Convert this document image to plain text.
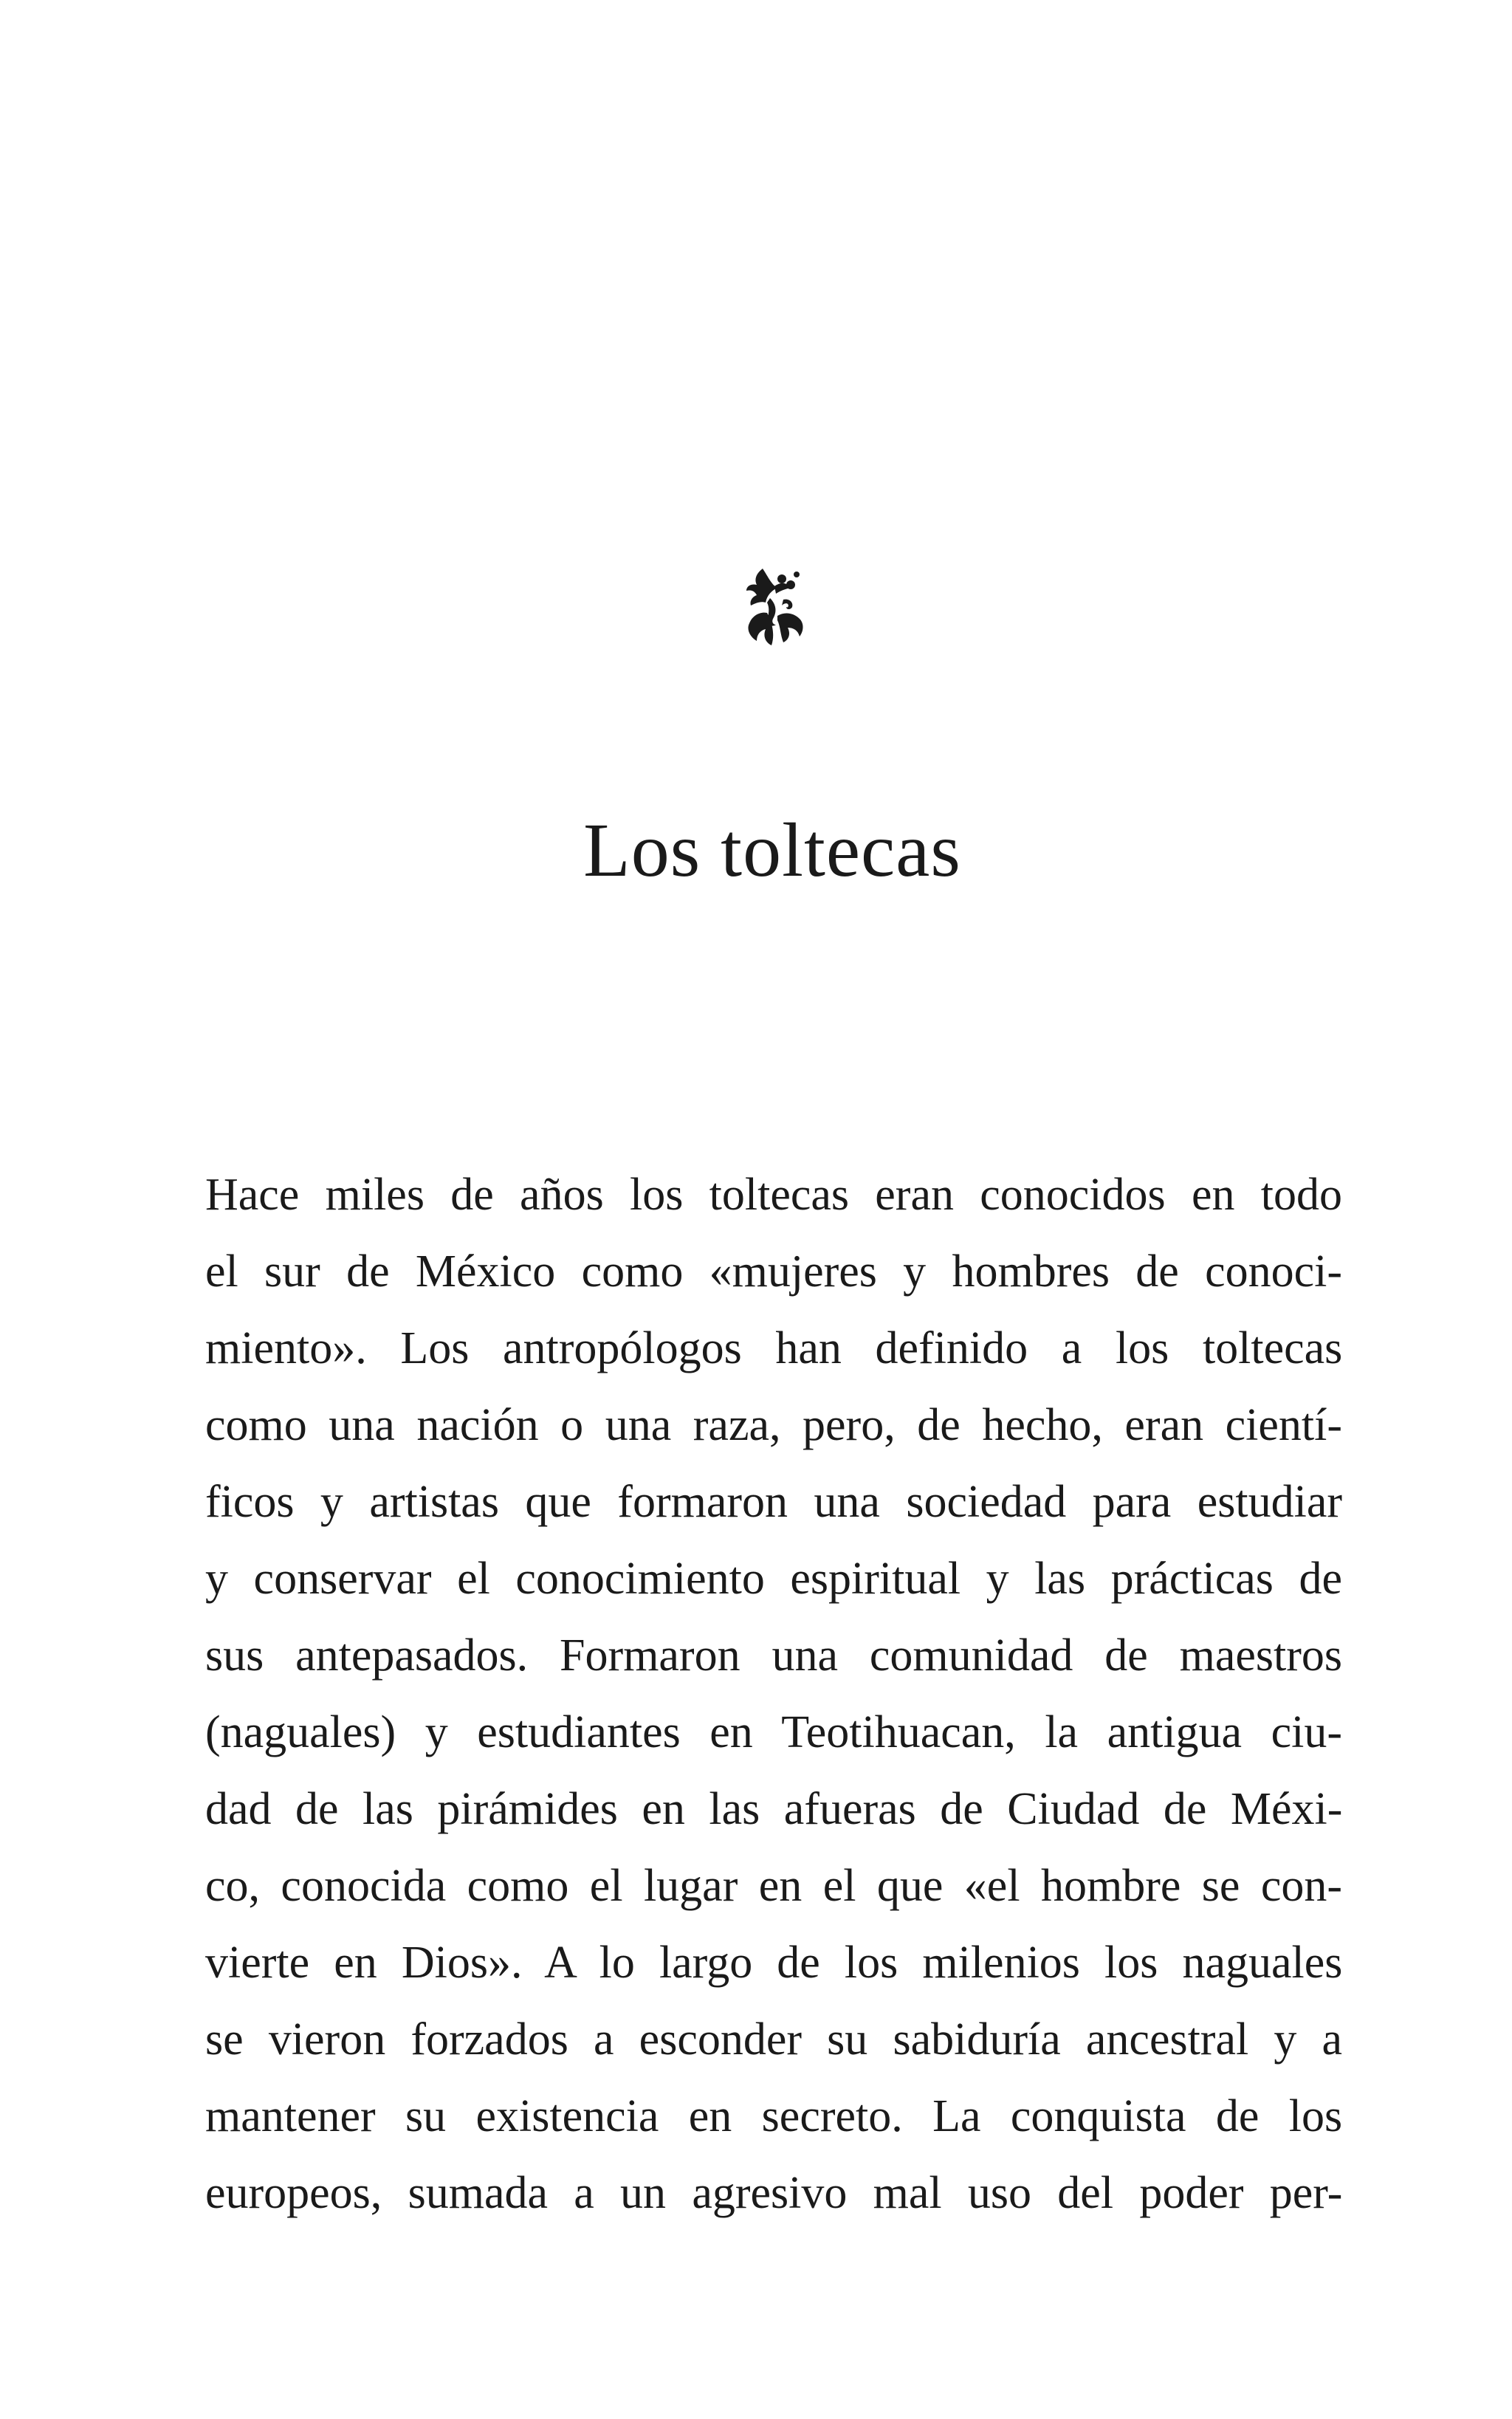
Los toltecas
Hace miles de años los toltecas eran conocidos en todo
el sur de México como «mujeres y hombres de conoci-
miento». Los antropólogos han definido a los toltecas
como una nación o una raza, pero, de hecho, eran cientí-
ficos y artistas que formaron una sociedad para estudiar
y conservar el conocimiento espiritual y las prácticas de
sus antepasados. Formaron una comunidad de maestros
(naguales) y estudiantes en Teotihuacan, la antigua ciu-
dad de las pirámides en las afueras de Ciudad de Méxi-
co, conocida como el lugar en el que «el hombre se con-
vierte en Dios». A lo largo de los milenios los naguales
se vieron forzados a esconder su sabiduría ancestral y a
mantener su existencia en secreto. La conquista de los
europeos, sumada a un agresivo mal uso del poder per-
